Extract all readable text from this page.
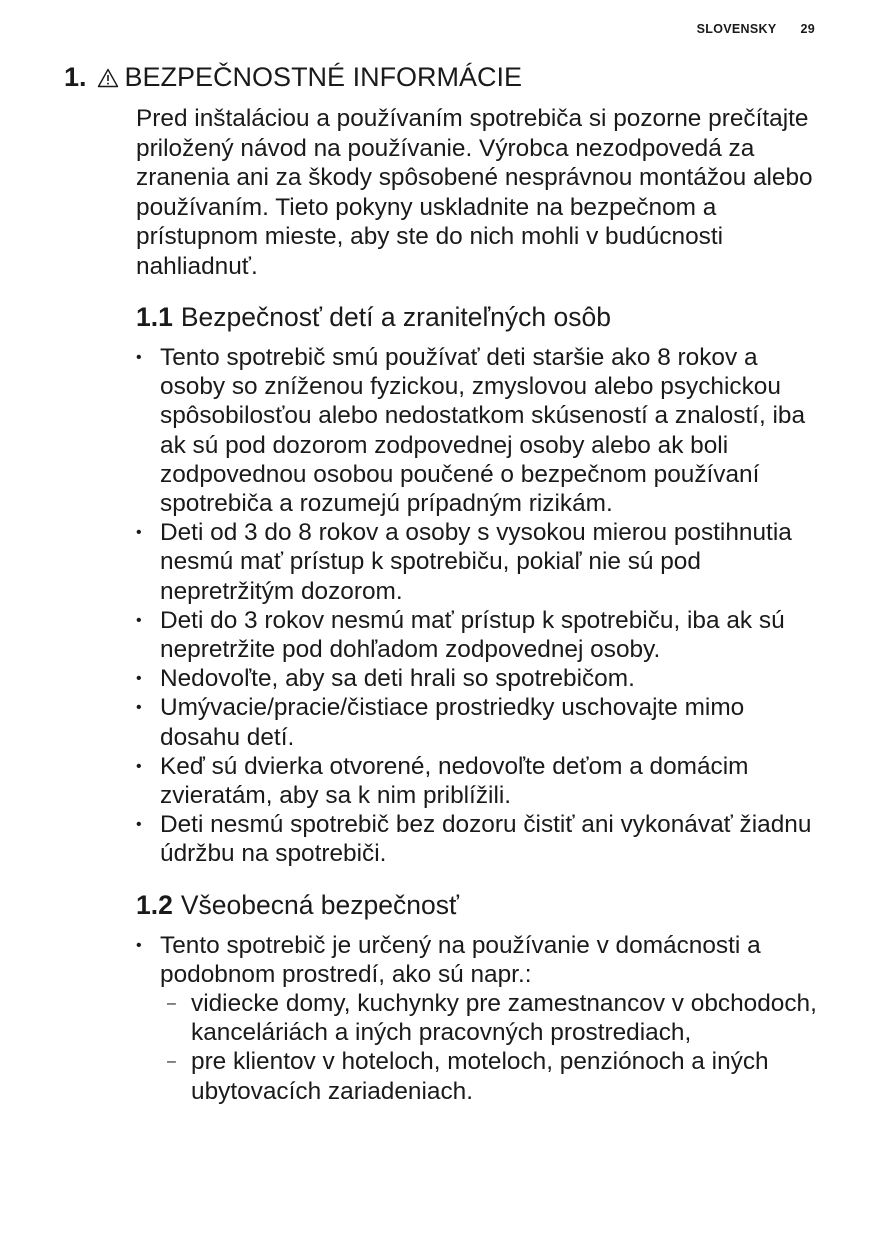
SLOVENSKY 29
1. BEZPEČNOSTNÉ INFORMÁCIE

Pred inštaláciou a používaním spotrebiča si pozorne prečítajte priložený návod na používanie. Výrobca nezodpovedá za zranenia ani za škody spôsobené nesprávnou montážou alebo používaním. Tieto pokyny uskladnite na bezpečnom a prístupnom mieste, aby ste do nich mohli v budúcnosti nahliadnuť.

1.1 Bezpečnosť detí a zraniteľných osôb
• Tento spotrebič smú používať deti staršie ako 8 rokov a osoby so zníženou fyzickou, zmyslovou alebo psychickou spôsobilosťou alebo nedostatkom skúseností a znalostí, iba ak sú pod dozorom zodpovednej osoby alebo ak boli zodpovednou osobou poučené o bezpečnom používaní spotrebiča a rozumejú prípadným rizikám.
• Deti od 3 do 8 rokov a osoby s vysokou mierou postihnutia nesmú mať prístup k spotrebiču, pokiaľ nie sú pod nepretržitým dozorom.
• Deti do 3 rokov nesmú mať prístup k spotrebiču, iba ak sú nepretržite pod dohľadom zodpovednej osoby.
• Nedovoľte, aby sa deti hrali so spotrebičom.
• Umývacie/pracie/čistiace prostriedky uschovajte mimo dosahu detí.
• Keď sú dvierka otvorené, nedovoľte deťom a domácim zvieratám, aby sa k nim priblížili.
• Deti nesmú spotrebič bez dozoru čistiť ani vykonávať žiadnu údržbu na spotrebiči.
1.2 Všeobecná bezpečnosť
• Tento spotrebič je určený na používanie v domácnosti a podobnom prostredí, ako sú napr.:
– vidiecke domy, kuchynky pre zamestnancov v obchodoch, kanceláriách a iných pracovných prostrediach,
– pre klientov v hoteloch, moteloch, penziónoch a iných ubytovacích zariadeniach.
